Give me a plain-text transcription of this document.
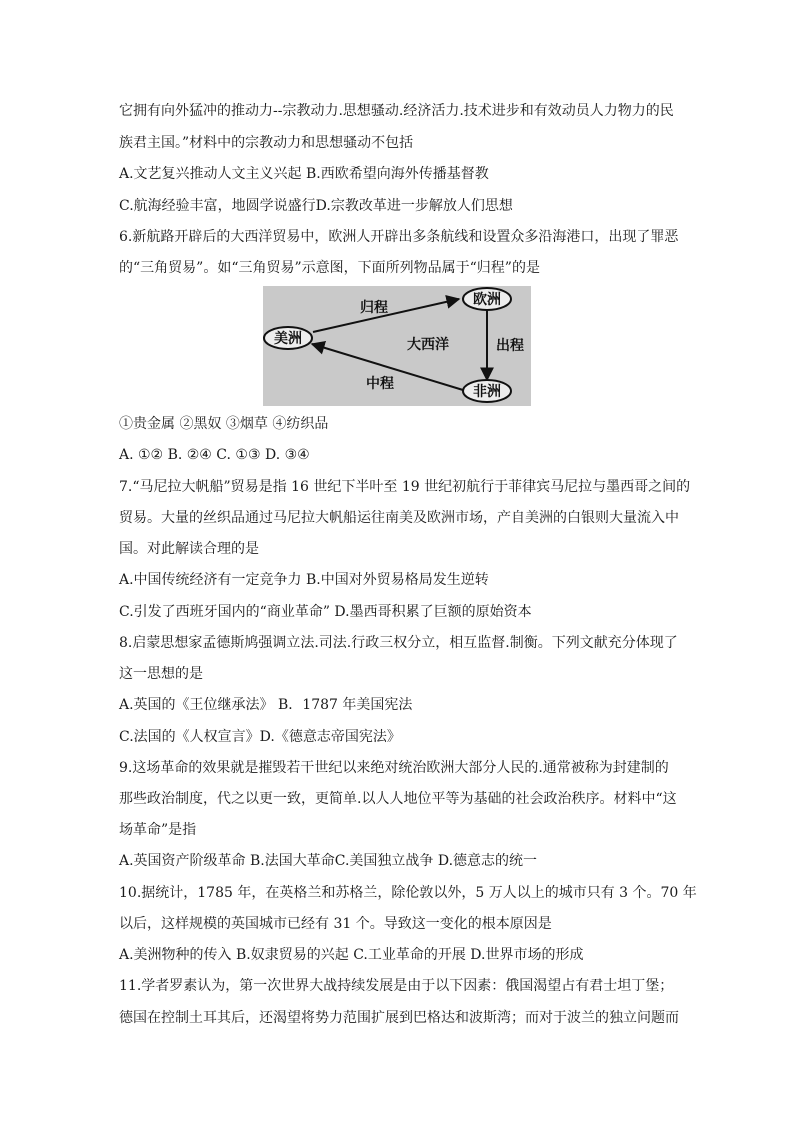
它拥有向外猛冲的推动力--宗教动力.思想骚动.经济活力.技术进步和有效动员人力物力的民
族君主国。”材料中的宗教动力和思想骚动不包括
A.文艺复兴推动人文主义兴起 B.西欧希望向海外传播基督教
C.航海经验丰富，地圆学说盛行D.宗教改革进一步解放人们思想
6.新航路开辟后的大西洋贸易中，欧洲人开辟出多条航线和设置众多沿海港口，出现了罪恶
的“三角贸易”。如“三角贸易”示意图，下面所列物品属于“归程”的是
欧洲
美洲
非洲
大西洋
归程
出程
中程
①贵金属 ②黑奴 ③烟草 ④纺织品
A. ①② B. ②④ C. ①③ D. ③④
7.“马尼拉大帆船”贸易是指 16 世纪下半叶至 19 世纪初航行于菲律宾马尼拉与墨西哥之间的
贸易。大量的丝织品通过马尼拉大帆船运往南美及欧洲市场，产自美洲的白银则大量流入中
国。对此解读合理的是
A.中国传统经济有一定竞争力 B.中国对外贸易格局发生逆转
C.引发了西班牙国内的“商业革命” D.墨西哥积累了巨额的原始资本
8.启蒙思想家孟德斯鸠强调立法.司法.行政三权分立，相互监督.制衡。下列文献充分体现了
这一思想的是
A.英国的《王位继承法》 B．1787 年美国宪法
C.法国的《人权宣言》D.《德意志帝国宪法》
9.这场革命的效果就是摧毁若干世纪以来绝对统治欧洲大部分人民的.通常被称为封建制的
那些政治制度，代之以更一致，更简单.以人人地位平等为基础的社会政治秩序。材料中“这
场革命”是指
A.英国资产阶级革命 B.法国大革命C.美国独立战争 D.德意志的统一
10.据统计，1785 年，在英格兰和苏格兰，除伦敦以外，5 万人以上的城市只有 3 个。70 年
以后，这样规模的英国城市已经有 31 个。导致这一变化的根本原因是
A.美洲物种的传入 B.奴隶贸易的兴起 C.工业革命的开展 D.世界市场的形成
11.学者罗素认为，第一次世界大战持续发展是由于以下因素：俄国渴望占有君士坦丁堡；
德国在控制土耳其后，还渴望将势力范围扩展到巴格达和波斯湾；而对于波兰的独立问题而
